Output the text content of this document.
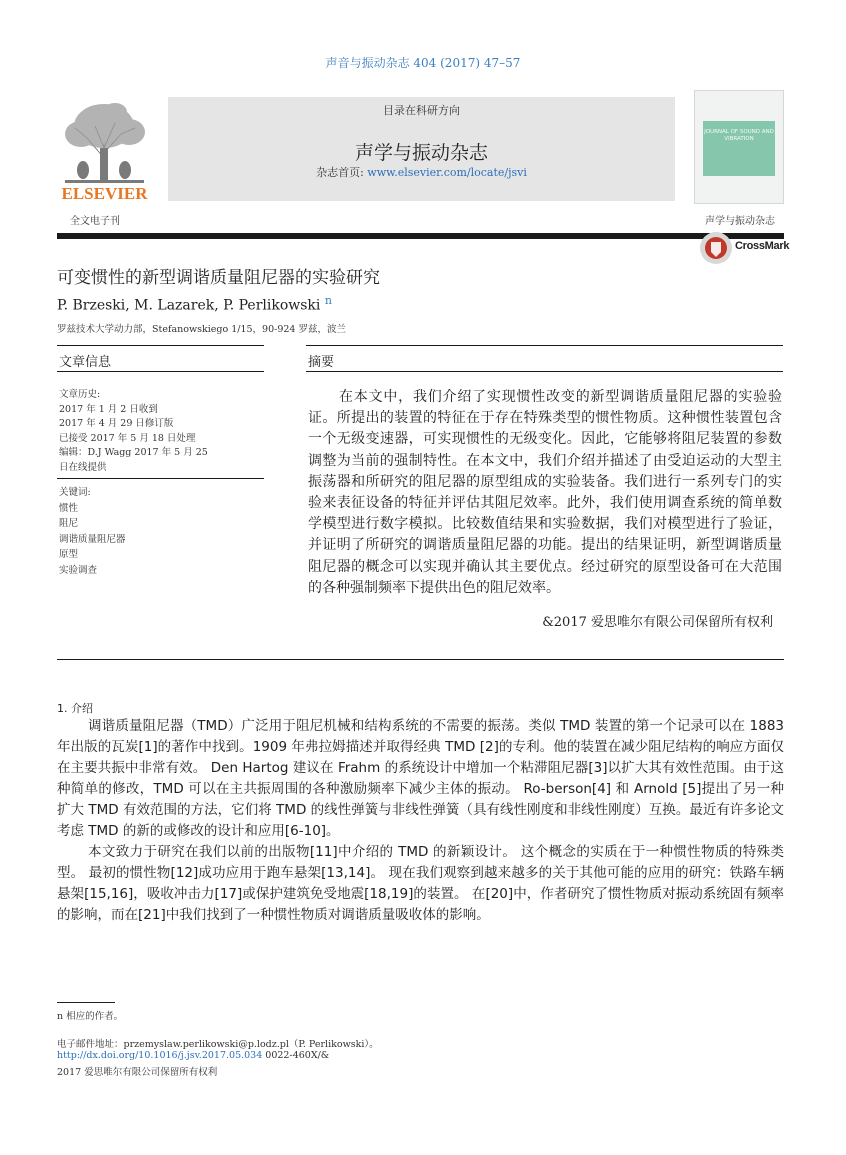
声音与振动杂志 404 (2017) 47–57
ELSEVIER
全文电子刊
目录在科研方向
声学与振动杂志
杂志首页: www.elsevier.com/locate/jsvi
JOURNAL OF SOUND AND VIBRATION
声学与振动杂志
CrossMark
可变惯性的新型调谐质量阻尼器的实验研究
P. Brzeski, M. Lazarek, P. Perlikowski $^n$
罗兹技术大学动力部，Stefanowskiego 1/15，90-924 罗兹，波兰
文章信息
文章历史:
2017 年 1 月 2 日收到
2017 年 4 月 29 日修订版
已接受 2017 年 5 月 18 日处理
编辑：D.J Wagg 2017 年 5 月 25
日在线提供
关键词:
惯性
阻尼
调谐质量阻尼器
原型
实验调查
摘要

在本文中，我们介绍了实现惯性改变的新型调谐质量阻尼器的实验验证。所提出的装置的特征在于存在特殊类型的惯性物质。这种惯性装置包含一个无级变速器，可实现惯性的无级变化。因此，它能够将阻尼装置的参数调整为当前的强制特性。在本文中，我们介绍并描述了由受迫运动的大型主振荡器和所研究的阻尼器的原型组成的实验装备。我们进行一系列专门的实验来表征设备的特征并评估其阻尼效率。此外，我们使用调查系统的简单数学模型进行数字模拟。比较数值结果和实验数据，我们对模型进行了验证，并证明了所研究的调谐质量阻尼器的功能。提出的结果证明，新型调谐质量阻尼器的概念可以实现并确认其主要优点。经过研究的原型设备可在大范围的各种强制频率下提供出色的阻尼效率。

&2017 爱思唯尔有限公司保留所有权利
1. 介绍

调谐质量阻尼器（TMD）广泛用于阻尼机械和结构系统的不需要的振荡。类似 TMD 装置的第一个记录可以在 1883 年出版的瓦炭[1]的著作中找到。1909 年弗拉姆描述并取得经典 TMD [2]的专利。他的装置在减少阻尼结构的响应方面仅在主要共振中非常有效。 Den Hartog 建议在 Frahm 的系统设计中增加一个粘滞阻尼器[3]以扩大其有效性范围。由于这种简单的修改，TMD 可以在主共振周围的各种激励频率下减少主体的振动。 Ro-berson[4] 和 Arnold [5]提出了另一种扩大 TMD 有效范围的方法，它们将 TMD 的线性弹簧与非线性弹簧（具有线性刚度和非线性刚度）互换。最近有许多论文考虑 TMD 的新的或修改的设计和应用[6-10]。

本文致力于研究在我们以前的出版物[11]中介绍的 TMD 的新颖设计。 这个概念的实质在于一种惯性物质的特殊类型。 最初的惯性物[12]成功应用于跑车悬架[13,14]。 现在我们观察到越来越多的关于其他可能的应用的研究：铁路车辆悬架[15,16]，吸收冲击力[17]或保护建筑免受地震[18,19]的装置。 在[20]中，作者研究了惯性物质对振动系统固有频率的影响，而在[21]中我们找到了一种惯性物质对调谐质量吸收体的影响。

n 相应的作者。
电子邮件地址：przemyslaw.perlikowski@p.lodz.pl（P. Perlikowski）。
http://dx.doi.org/10.1016/j.jsv.2017.05.034 0022-460X/&
2017 爱思唯尔有限公司保留所有权利
